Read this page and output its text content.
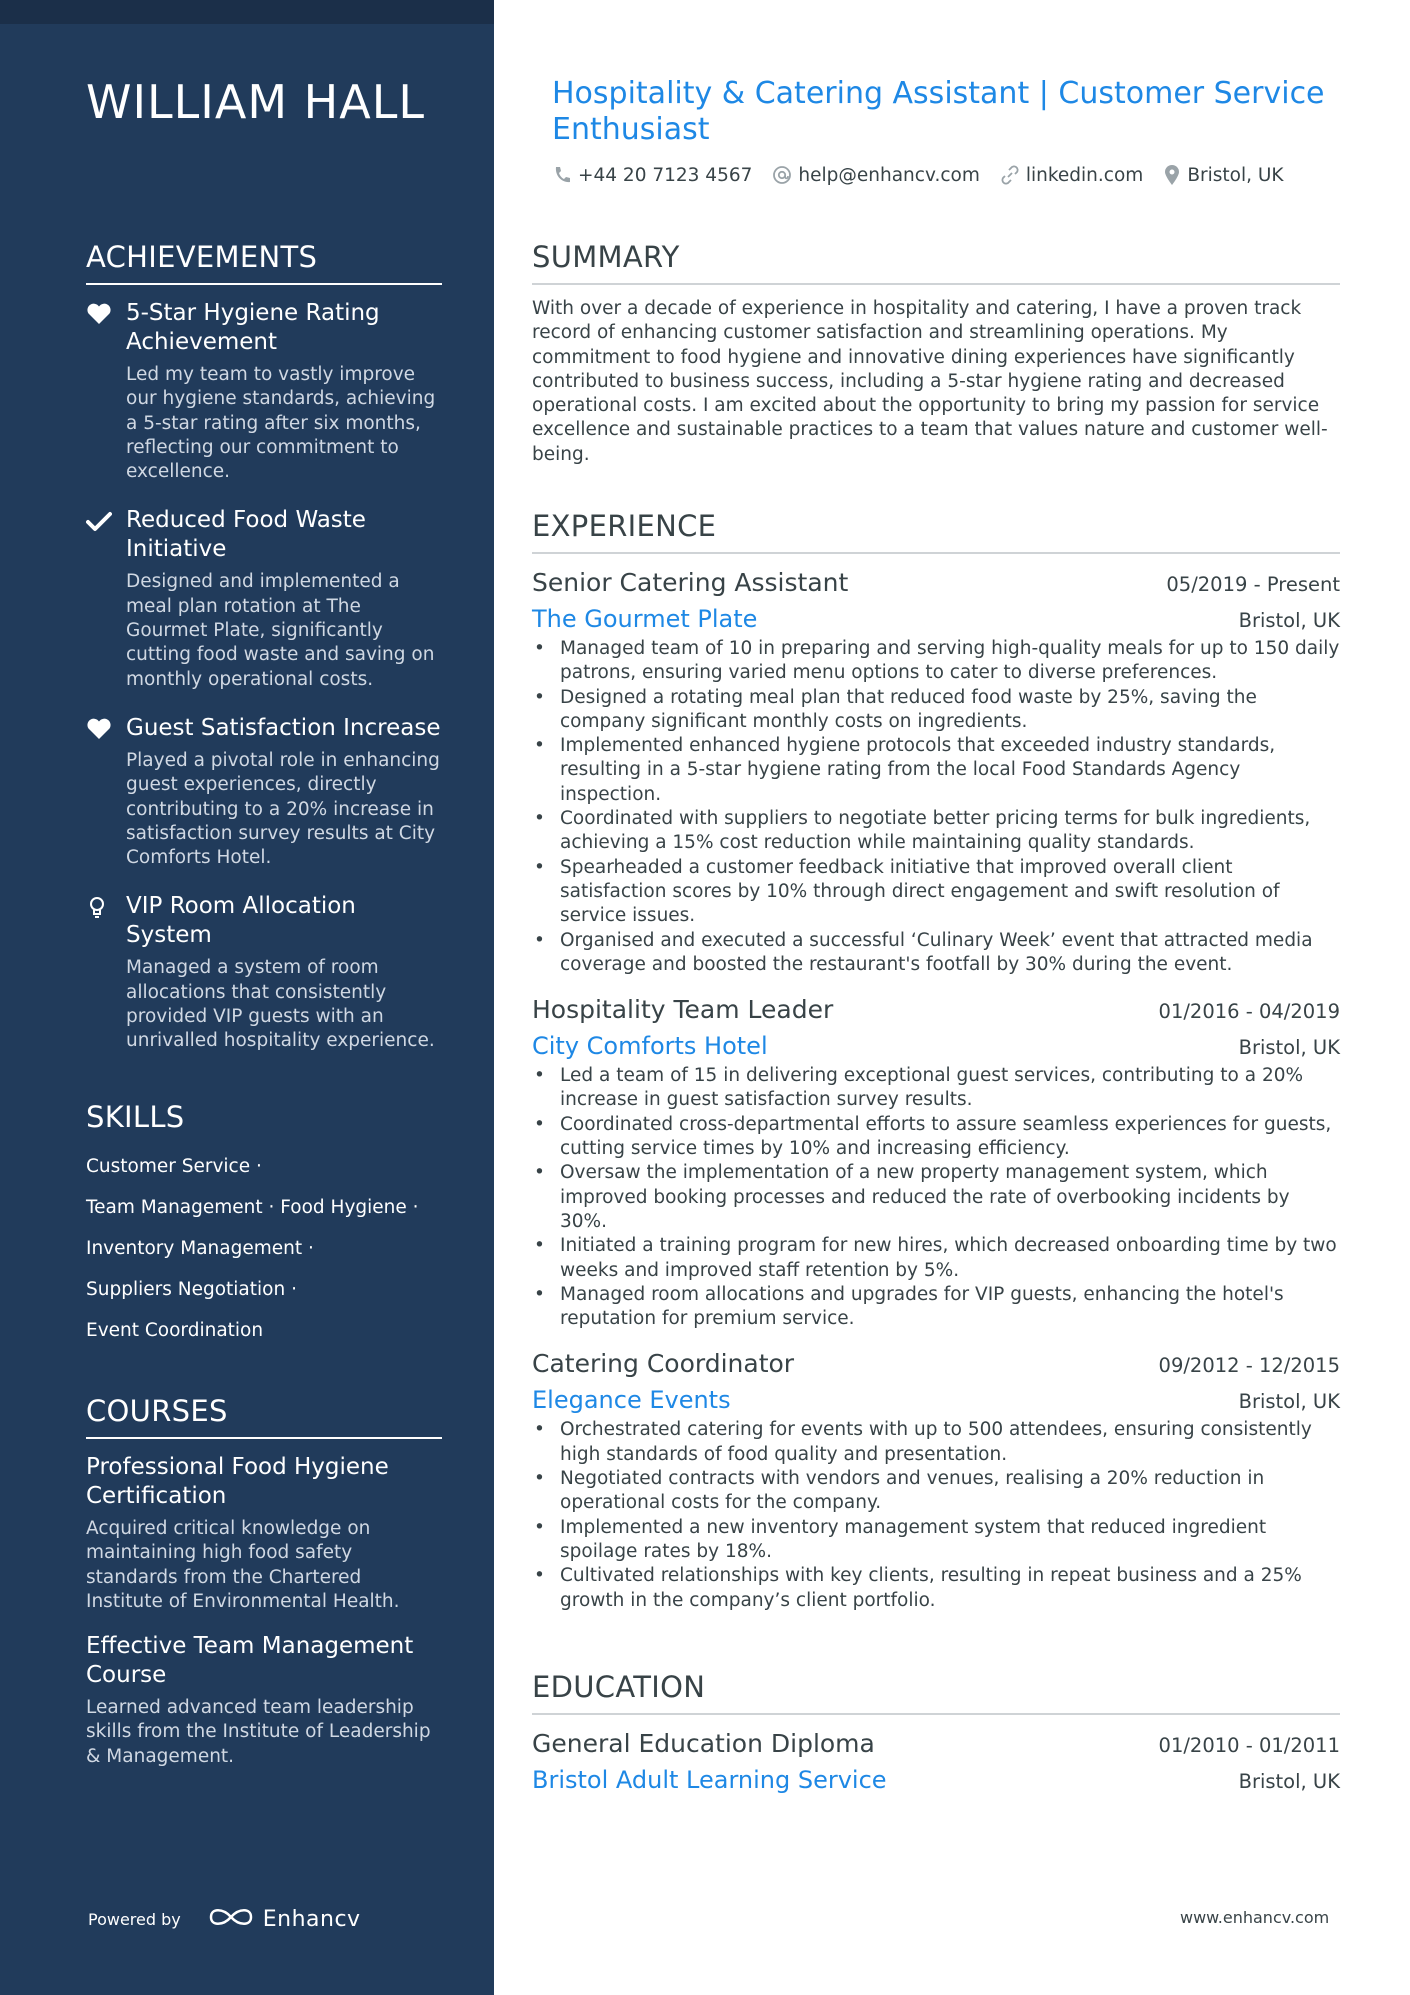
WILLIAM HALL
ACHIEVEMENTS
5-Star Hygiene Rating Achievement
Led my team to vastly improve our hygiene standards, achieving a 5-star rating after six months, reflecting our commitment to excellence.
Reduced Food Waste Initiative
Designed and implemented a meal plan rotation at The Gourmet Plate, significantly cutting food waste and saving on monthly operational costs.
Guest Satisfaction Increase
Played a pivotal role in enhancing guest experiences, directly contributing to a 20% increase in satisfaction survey results at City Comforts Hotel.
VIP Room Allocation System
Managed a system of room allocations that consistently provided VIP guests with an unrivalled hospitality experience.
SKILLS
Customer Service ·
Team Management · Food Hygiene ·
Inventory Management ·
Suppliers Negotiation ·
Event Coordination
COURSES
Professional Food Hygiene Certification
Acquired critical knowledge on maintaining high food safety standards from the Chartered Institute of Environmental Health.
Effective Team Management Course
Learned advanced team leadership skills from the Institute of Leadership & Management.
Powered by	Enhancv
Hospitality & Catering Assistant | Customer Service Enthusiast
+44 20 7123 4567 help@enhancv.com linkedin.com Bristol, UK
SUMMARY
With over a decade of experience in hospitality and catering, I have a proven track record of enhancing customer satisfaction and streamlining operations. My commitment to food hygiene and innovative dining experiences have significantly contributed to business success, including a 5-star hygiene rating and decreased operational costs. I am excited about the opportunity to bring my passion for service excellence and sustainable practices to a team that values nature and customer well-being.
EXPERIENCE
Senior Catering Assistant	05/2019 - Present
The Gourmet Plate	Bristol, UK
• Managed team of 10 in preparing and serving high-quality meals for up to 150 daily patrons, ensuring varied menu options to cater to diverse preferences.
• Designed a rotating meal plan that reduced food waste by 25%, saving the company significant monthly costs on ingredients.
• Implemented enhanced hygiene protocols that exceeded industry standards, resulting in a 5-star hygiene rating from the local Food Standards Agency inspection.
• Coordinated with suppliers to negotiate better pricing terms for bulk ingredients, achieving a 15% cost reduction while maintaining quality standards.
• Spearheaded a customer feedback initiative that improved overall client satisfaction scores by 10% through direct engagement and swift resolution of service issues.
• Organised and executed a successful ‘Culinary Week’ event that attracted media coverage and boosted the restaurant's footfall by 30% during the event.
Hospitality Team Leader	01/2016 - 04/2019
City Comforts Hotel	Bristol, UK
• Led a team of 15 in delivering exceptional guest services, contributing to a 20% increase in guest satisfaction survey results.
• Coordinated cross-departmental efforts to assure seamless experiences for guests, cutting service times by 10% and increasing efficiency.
• Oversaw the implementation of a new property management system, which improved booking processes and reduced the rate of overbooking incidents by 30%.
• Initiated a training program for new hires, which decreased onboarding time by two weeks and improved staff retention by 5%.
• Managed room allocations and upgrades for VIP guests, enhancing the hotel's reputation for premium service.
Catering Coordinator	09/2012 - 12/2015
Elegance Events	Bristol, UK
• Orchestrated catering for events with up to 500 attendees, ensuring consistently high standards of food quality and presentation.
• Negotiated contracts with vendors and venues, realising a 20% reduction in operational costs for the company.
• Implemented a new inventory management system that reduced ingredient spoilage rates by 18%.
• Cultivated relationships with key clients, resulting in repeat business and a 25% growth in the company’s client portfolio.
EDUCATION
General Education Diploma	01/2010 - 01/2011
Bristol Adult Learning Service	Bristol, UK
www.enhancv.com
